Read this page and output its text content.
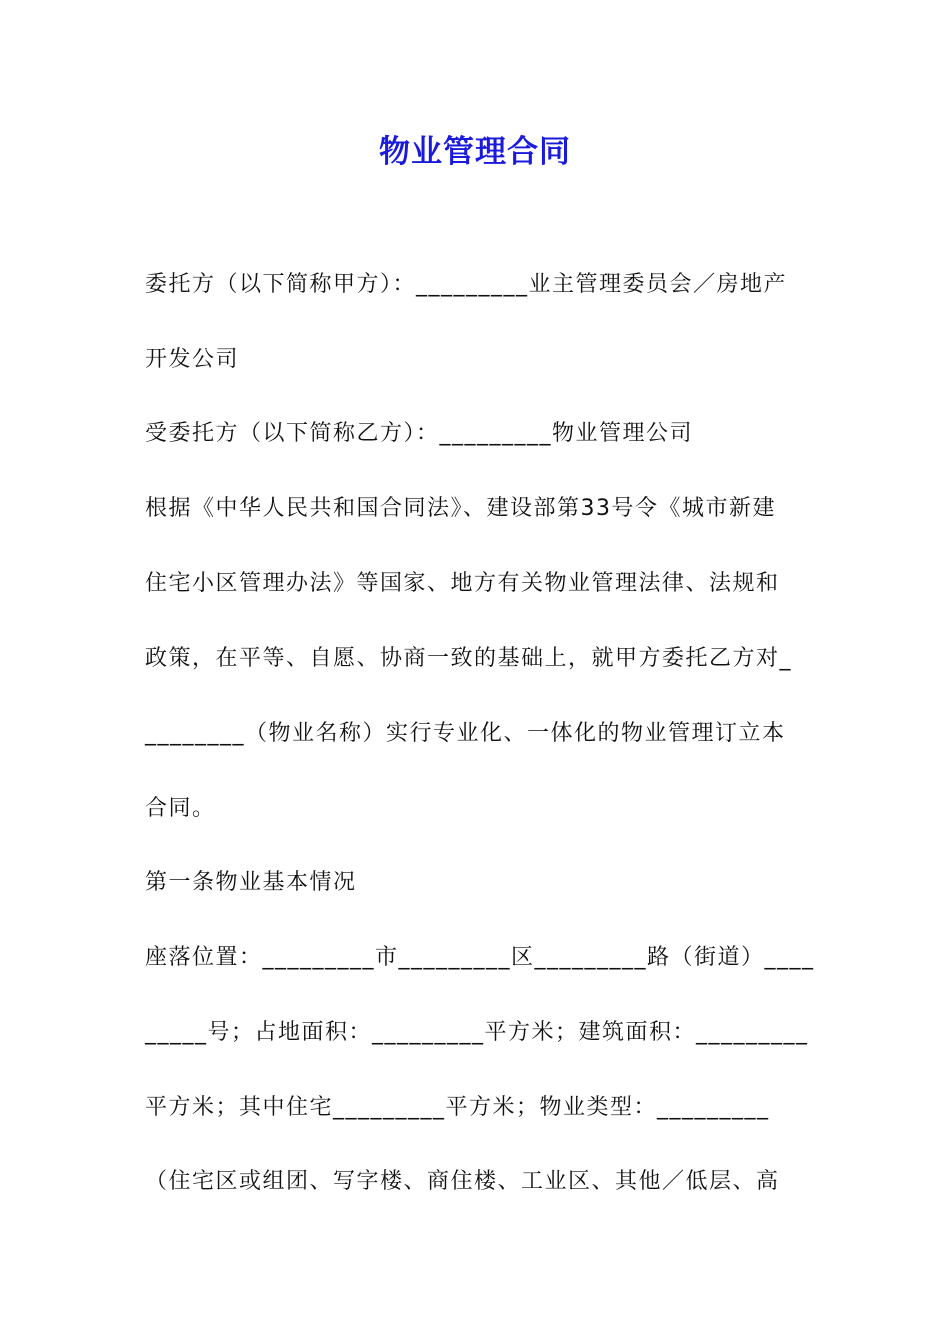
物业管理合同
委托方（以下简称甲方）：_________业主管理委员会／房地产
开发公司
受委托方（以下简称乙方）：_________物业管理公司
根据《中华人民共和国合同法》、建设部第33号令《城市新建
住宅小区管理办法》等国家、地方有关物业管理法律、法规和
政策，在平等、自愿、协商一致的基础上，就甲方委托乙方对_
________（物业名称）实行专业化、一体化的物业管理订立本
合同。
第一条物业基本情况
座落位置：_________市_________区_________路（街道）____
_____号；占地面积：_________平方米；建筑面积：_________
平方米；其中住宅_________平方米；物业类型：_________
（住宅区或组团、写字楼、商住楼、工业区、其他／低层、高
